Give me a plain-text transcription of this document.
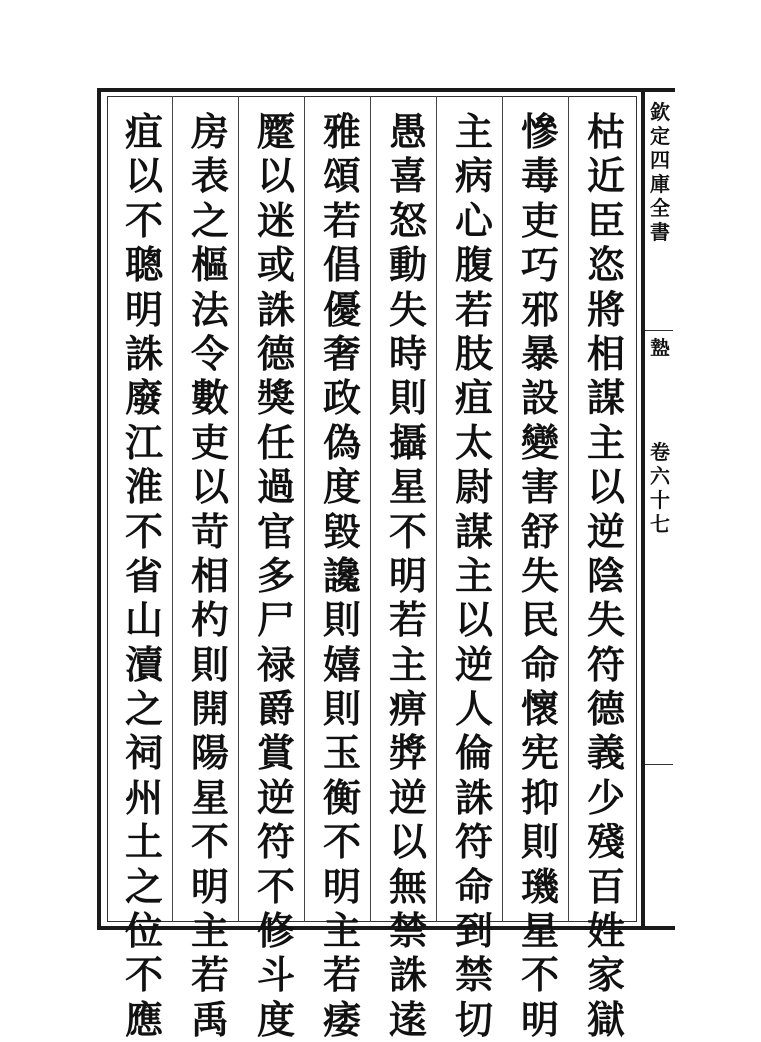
欽
定
四
庫
全
書
𥂕
卷
六
十
七
枯
近
臣
恣
將
相
謀
主
以
逆
陰
失
符
德
義
少
殘
百
姓
家
獄
慘
毒
吏
巧
邪
暴
設
變
害
舒
失
民
命
懷
宪
抑
則
璣
星
不
明
主
病
心
腹
若
肢
疽
太
尉
謀
主
以
逆
人
倫
誅
符
命
到
禁
切
愚
喜
怒
動
失
時
則
攝
星
不
明
若
主
痹
㢡
逆
以
無
禁
誅
逺
雅
頌
若
倡
優
奢
政
偽
度
毀
讒
則
嬉
則
玉
衡
不
明
主
若
痿
蹷
以
迷
或
誅
德
獎
任
過
官
多
尸
禄
爵
賞
逆
符
不
修
斗
度
房
表
之
樞
法
令
數
吏
以
苛
相
杓
則
開
陽
星
不
明
主
若
禹
疽
以
不
聰
明
誅
廢
江
淮
不
省
山
瀆
之
祠
州
土
之
位
不
應
